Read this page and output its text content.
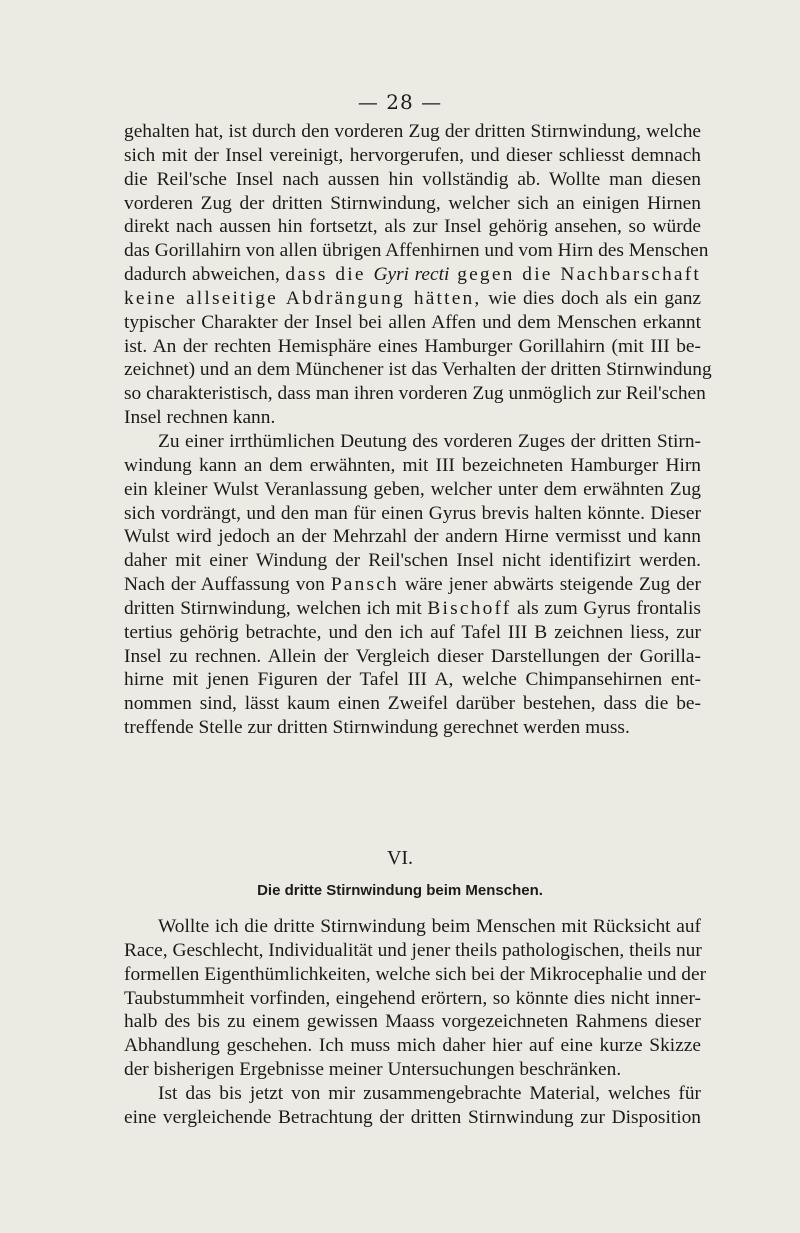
— 28 —
gehalten hat, ist durch den vorderen Zug der dritten Stirnwindung, welche
sich mit der Insel vereinigt, hervorgerufen, und dieser schliesst demnach
die Reil'sche Insel nach aussen hin vollständig ab. Wollte man diesen
vorderen Zug der dritten Stirnwindung, welcher sich an einigen Hirnen
direkt nach aussen hin fortsetzt, als zur Insel gehörig ansehen, so würde
das Gorillahirn von allen übrigen Affenhirnen und vom Hirn des Menschen
dadurch abweichen, dass die Gyri recti gegen die Nachbarschaft
keine allseitige Abdrängung hätten, wie dies doch als ein ganz
typischer Charakter der Insel bei allen Affen und dem Menschen erkannt
ist. An der rechten Hemisphäre eines Hamburger Gorillahirn (mit III be-
zeichnet) und an dem Münchener ist das Verhalten der dritten Stirnwindung
so charakteristisch, dass man ihren vorderen Zug unmöglich zur Reil'schen
Insel rechnen kann.
Zu einer irrthümlichen Deutung des vorderen Zuges der dritten Stirn-
windung kann an dem erwähnten, mit III bezeichneten Hamburger Hirn
ein kleiner Wulst Veranlassung geben, welcher unter dem erwähnten Zug
sich vordrängt, und den man für einen Gyrus brevis halten könnte. Dieser
Wulst wird jedoch an der Mehrzahl der andern Hirne vermisst und kann
daher mit einer Windung der Reil'schen Insel nicht identifizirt werden.
Nach der Auffassung von Pansch wäre jener abwärts steigende Zug der
dritten Stirnwindung, welchen ich mit Bischoff als zum Gyrus frontalis
tertius gehörig betrachte, und den ich auf Tafel III B zeichnen liess, zur
Insel zu rechnen. Allein der Vergleich dieser Darstellungen der Gorilla-
hirne mit jenen Figuren der Tafel III A, welche Chimpansehirnen ent-
nommen sind, lässt kaum einen Zweifel darüber bestehen, dass die be-
treffende Stelle zur dritten Stirnwindung gerechnet werden muss.
VI.
Die dritte Stirnwindung beim Menschen.
Wollte ich die dritte Stirnwindung beim Menschen mit Rücksicht auf
Race, Geschlecht, Individualität und jener theils pathologischen, theils nur
formellen Eigenthümlichkeiten, welche sich bei der Mikrocephalie und der
Taubstummheit vorfinden, eingehend erörtern, so könnte dies nicht inner-
halb des bis zu einem gewissen Maass vorgezeichneten Rahmens dieser
Abhandlung geschehen. Ich muss mich daher hier auf eine kurze Skizze
der bisherigen Ergebnisse meiner Untersuchungen beschränken.
Ist das bis jetzt von mir zusammengebrachte Material, welches für
eine vergleichende Betrachtung der dritten Stirnwindung zur Disposition
